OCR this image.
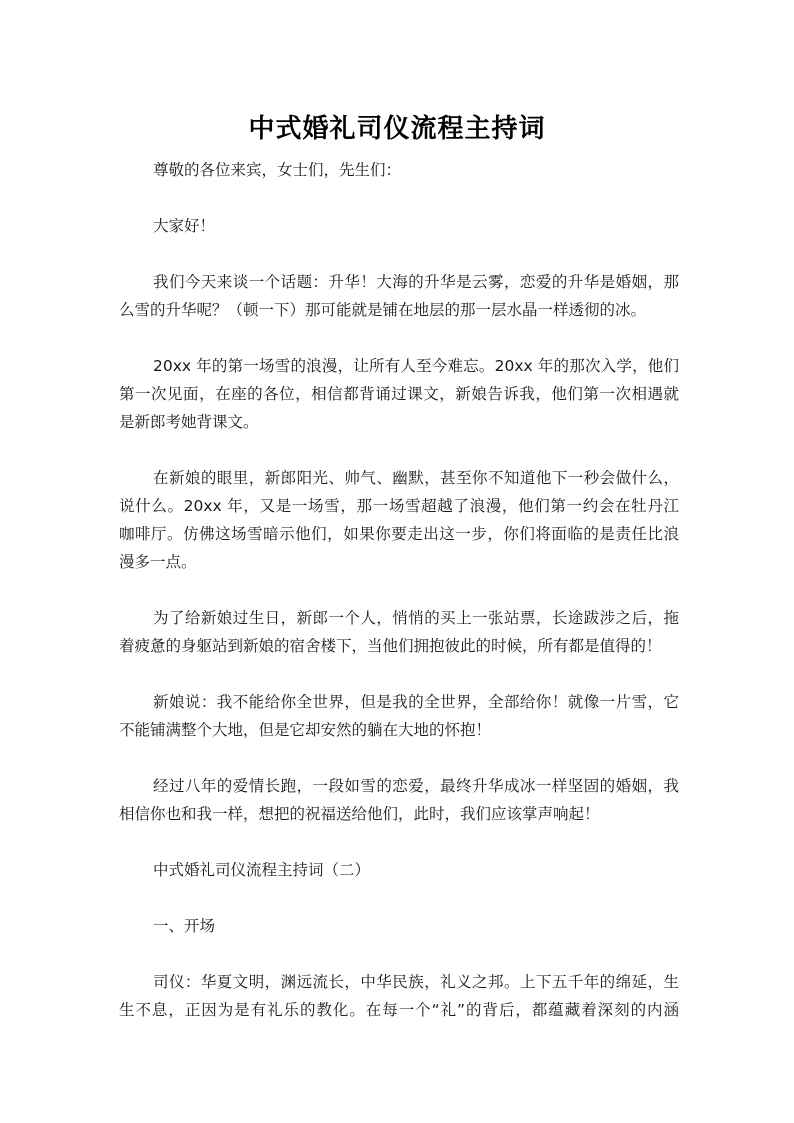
中式婚礼司仪流程主持词
尊敬的各位来宾，女士们，先生们：
大家好！
我们今天来谈一个话题：升华！大海的升华是云雾，恋爱的升华是婚姻，那
么雪的升华呢？（顿一下）那可能就是铺在地层的那一层水晶一样透彻的冰。
20xx 年的第一场雪的浪漫，让所有人至今难忘。20xx 年的那次入学，他们
第一次见面，在座的各位，相信都背诵过课文，新娘告诉我，他们第一次相遇就
是新郎考她背课文。
在新娘的眼里，新郎阳光、帅气、幽默，甚至你不知道他下一秒会做什么，
说什么。20xx 年，又是一场雪，那一场雪超越了浪漫，他们第一约会在牡丹江
咖啡厅。仿佛这场雪暗示他们，如果你要走出这一步，你们将面临的是责任比浪
漫多一点。
为了给新娘过生日，新郎一个人，悄悄的买上一张站票，长途跋涉之后，拖
着疲惫的身躯站到新娘的宿舍楼下，当他们拥抱彼此的时候，所有都是值得的！
新娘说：我不能给你全世界，但是我的全世界，全部给你！就像一片雪，它
不能铺满整个大地，但是它却安然的躺在大地的怀抱！
经过八年的爱情长跑，一段如雪的恋爱，最终升华成冰一样坚固的婚姻，我
相信你也和我一样，想把的祝福送给他们，此时，我们应该掌声响起！
中式婚礼司仪流程主持词（二）
一、开场
司仪：华夏文明，渊远流长，中华民族，礼义之邦。上下五千年的绵延，生
生不息，正因为是有礼乐的教化。在每一个“礼”的背后，都蕴藏着深刻的内涵
